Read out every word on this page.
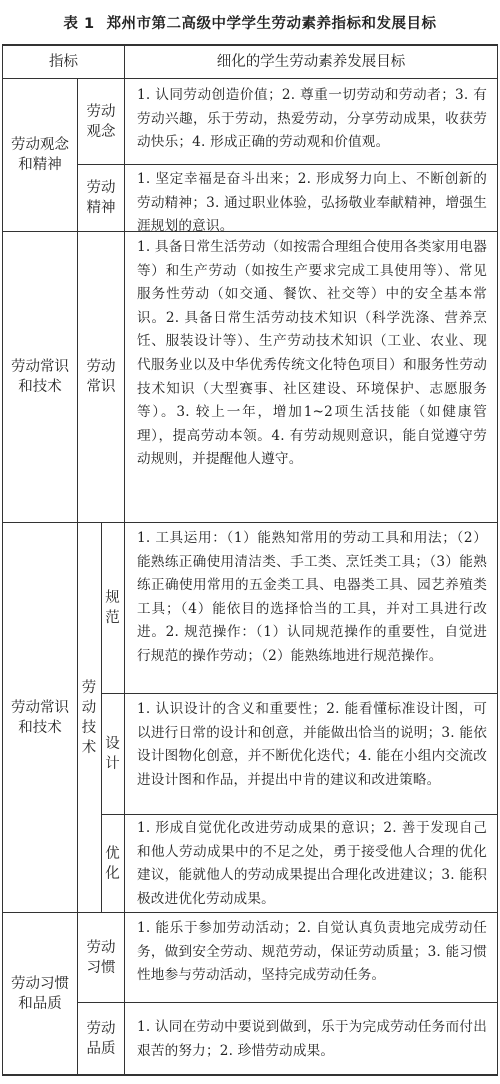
表 1 郑州市第二高级中学学生劳动素养指标和发展目标
指标	细化的学生劳动素养发展目标
劳动观念和精神
劳动观念
1. 认同劳动创造价值；2. 尊重一切劳动和劳动者；3. 有劳动兴趣，乐于劳动，热爱劳动，分享劳动成果，收获劳动快乐；4. 形成正确的劳动观和价值观。
劳动精神
1. 坚定幸福是奋斗出来；2. 形成努力向上、不断创新的劳动精神；3. 通过职业体验，弘扬敬业奉献精神，增强生涯规划的意识。
劳动常识和技术
劳动常识
1. 具备日常生活劳动（如按需合理组合使用各类家用电器等）和生产劳动（如按生产要求完成工具使用等）、常见服务性劳动（如交通、餐饮、社交等）中的安全基本常识。2. 具备日常生活劳动技术知识（科学洗涤、营养烹饪、服装设计等）、生产劳动技术知识（工业、农业、现代服务业以及中华优秀传统文化特色项目）和服务性劳动技术知识（大型赛事、社区建设、环境保护、志愿服务等）。3. 较上一年，增加1~2项生活技能（如健康管理），提高劳动本领。4. 有劳动规则意识，能自觉遵守劳动规则，并提醒他人遵守。
劳动常识和技术
劳动技术
规范
1. 工具运用：（1）能熟知常用的劳动工具和用法；（2）能熟练正确使用清洁类、手工类、烹饪类工具；（3）能熟练正确使用常用的五金类工具、电器类工具、园艺养殖类工具；（4）能依目的选择恰当的工具，并对工具进行改进。2. 规范操作：（1）认同规范操作的重要性，自觉进行规范的操作劳动；（2）能熟练地进行规范操作。
设计
1. 认识设计的含义和重要性；2. 能看懂标准设计图，可以进行日常的设计和创意，并能做出恰当的说明；3. 能依设计图物化创意，并不断优化迭代；4. 能在小组内交流改进设计图和作品，并提出中肯的建议和改进策略。
优化
1. 形成自觉优化改进劳动成果的意识；2. 善于发现自己和他人劳动成果中的不足之处，勇于接受他人合理的优化建议，能就他人的劳动成果提出合理化改进建议；3. 能积极改进优化劳动成果。
劳动习惯和品质
劳动习惯
1. 能乐于参加劳动活动；2. 自觉认真负责地完成劳动任务，做到安全劳动、规范劳动，保证劳动质量；3. 能习惯性地参与劳动活动，坚持完成劳动任务。
劳动品质
1. 认同在劳动中要说到做到，乐于为完成劳动任务而付出艰苦的努力；2. 珍惜劳动成果。
